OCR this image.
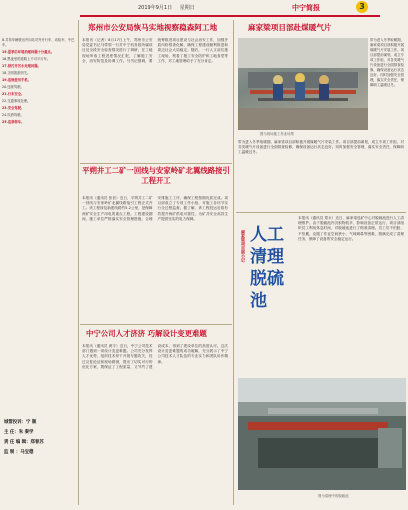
2019年9月1日 星期日	中宁简报	3
8.共驾车辆驶出并向站对外开行车、动检车、中巴车。
15.夏季后环境治理问题十分重点。
16.黑夜里的道路上不可平行车。
17.排污井污水处理问题。
18.文明旅游到关。
19.违规使用手机。
20.违规驾驶。
21.行车安全。
22.交通事故处理。
23.安全驾驶。
24.饮酒驾驶。
25.违章停车。
城管投诉：宁 顺
主 任：朱 秦学
责 任 编 辑：郑春苏
监 制 ：马宝德
郑州市公安局恢马实地视察稳森阿工地
本报讯（记者）8月17日上午，郑州市公安局党委书记马带领一行对中宁机务段所属项目及全段安全检查情况进行了调研。在工地现场听取工程进度情况汇报，了解施工安全、治安防范及协调工作。马书记强调，要统筹推进项目建设与社会治安工作，加强矛盾纠纷排查化解，确保工程建设顺利推进和周边社会大局稳定。随后，一行人又前往施工现场，察看了施工安全防护和工地食堂等工作，对工地管理给予了充分肯定。
平朔井工二矿一回线与安家岭矿北翼线路接引工程开工
本报讯（通讯员 张晋）近日，平朔井工二矿一回线与安家岭矿北翼线路接引工程正式开工。该工程涉及新建线路约5.2公里，是保障两矿安全生产用电的重点工程。工程建设期间，施工单位严格落实安全管理措施，合理安排施工工序，确保工程按期优质完成。项目部成立了专项工作小组，对施工各环节实行全过程监督。据了解，该工程投运后将有效提升两矿供电可靠性，为矿井安全高效生产提供坚实的电力保障。
中宁公司人才济济 巧解设计变更难题
本报讯（通讯员 黄宇）近日，中宁公司技术部门遇到一项设计变更难题。公司充分发挥人才优势，组织技术骨干开展专题攻关，经过反复论证和现场勘测，提出了切实可行的优化方案，既保证了工程质量，又节约了建设成本，得到了建设单位的高度认可。这次设计变更难题的成功破解，充分展示了中宁公司技术人才队伍的专业实力和团队协作精神。
麻家梁项目部赴煤暖气片
图为现场施工作业场景
带为进入冬季取暖期，麻家梁项目部积极开展煤暖气片安装工作。项目部提前谋划，成立专项工作组，对各类暖气片设备进行全面排查检修，确保设备运行状态良好。同时加强安全管理，落实安全责任，保障职工温暖过冬。
带为进入冬季取暖期，麻家梁项目部积极开展煤暖气片安装工作。项目部提前谋划，成立专项工作组，对各类暖气片设备进行全面排查检修，确保设备运行状态良好。同时加强安全管理，落实安全责任，保障职工温暖过冬。
麻家梁项目部小记 人工
清理
脱硫池
本报讯（通讯员 郑永）近日，麻家梁选矿中心对脱硫池进行人工清理维护。由于脱硫池内沉积物较多，影响设备正常运行，项目部组织员工利用休息时间，对脱硫池进行了彻底清理。员工们不怕脏、不怕累，克服了作业空间狭小、气味刺鼻等困难，圆满完成了清理任务，保障了设备的安全稳定运行。
图为清理中的脱硫池
